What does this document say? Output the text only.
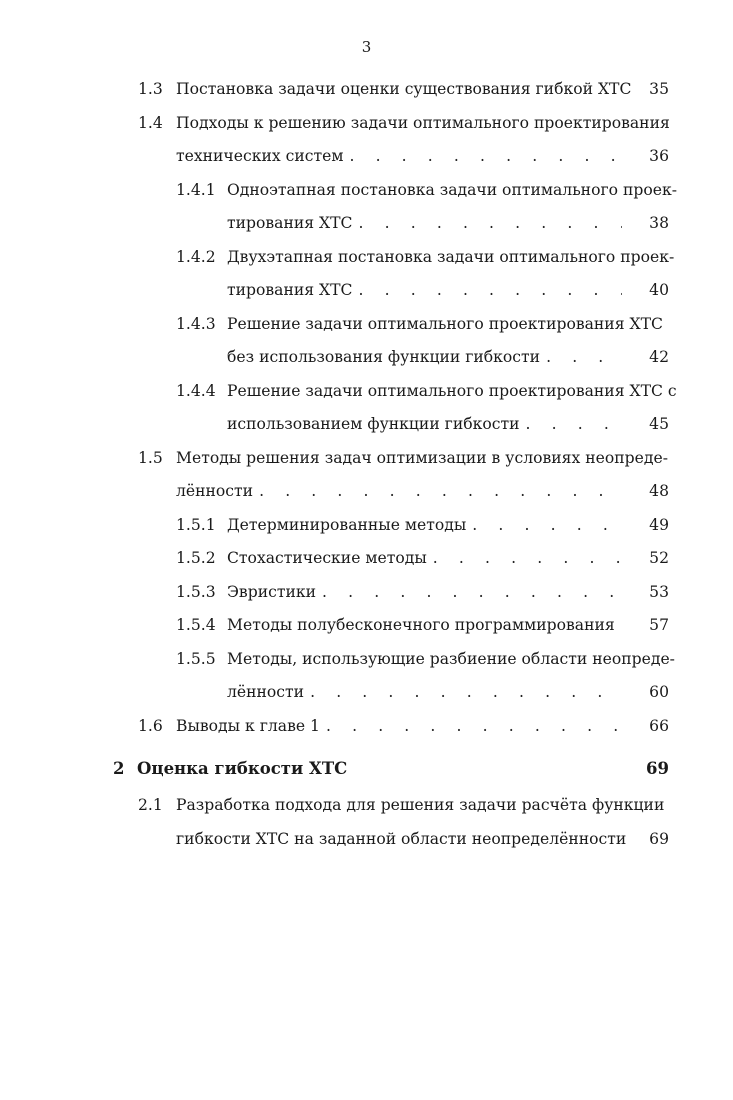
3
1.3 Постановка задачи оценки существования гибкой ХТС	35
1.4 Подходы к решению задачи оптимального проектирования
технических систем . . .	36
1.4.1 Одноэтапная постановка задачи оптимального проек-
тирования ХТС . . .	38
1.4.2 Двухэтапная постановка задачи оптимального проек-
тирования ХТС . . .	40
1.4.3 Решение задачи оптимального проектирования ХТС
без использования функции гибкости . . .	42
1.4.4 Решение задачи оптимального проектирования ХТС с
использованием функции гибкости . . .	45
1.5 Методы решения задач оптимизации в условиях неопреде-
лённости . . .	48
1.5.1 Детерминированные методы . . .	49
1.5.2 Стохастические методы . . .	52
1.5.3 Эвристики . . .	53
1.5.4 Методы полубесконечного программирования . . .	57
1.5.5 Методы, использующие разбиение области неопреде-
лённости . . .	60
1.6 Выводы к главе 1 . . .	66
2 Оценка гибкости ХТС	69
2.1 Разработка подхода для решения задачи расчёта функции
гибкости ХТС на заданной области неопределённости	69
